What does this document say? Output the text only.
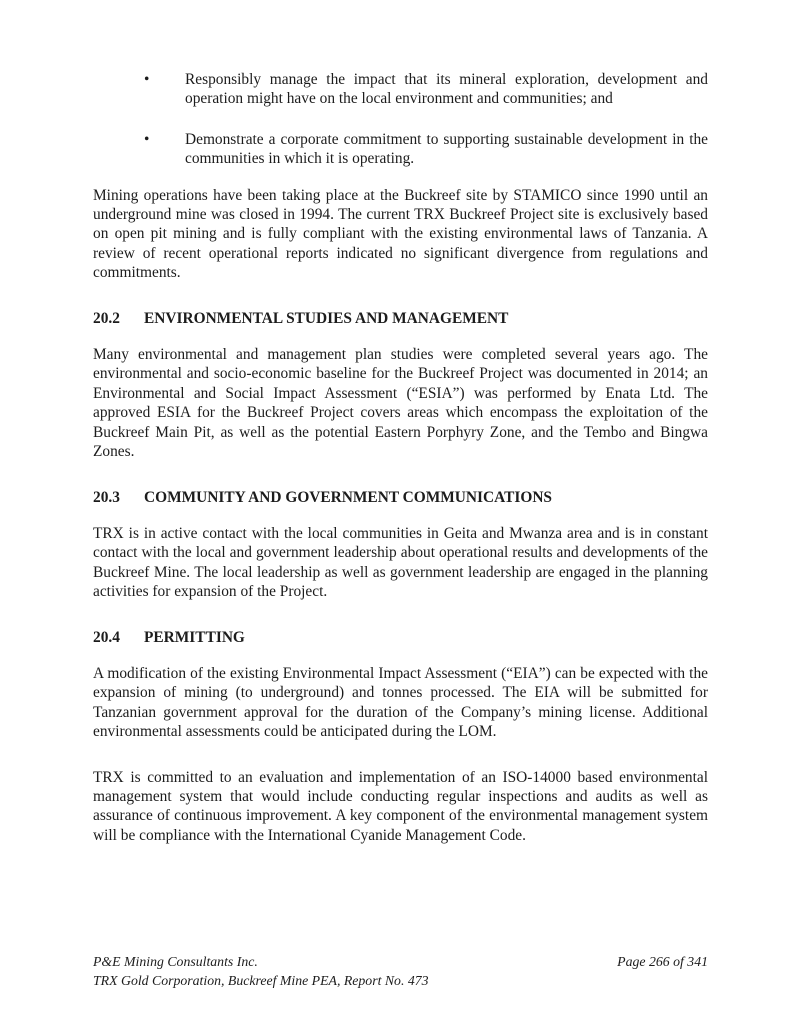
•	Responsibly manage the impact that its mineral exploration, development and operation might have on the local environment and communities; and
•	Demonstrate a corporate commitment to supporting sustainable development in the communities in which it is operating.

Mining operations have been taking place at the Buckreef site by STAMICO since 1990 until an underground mine was closed in 1994. The current TRX Buckreef Project site is exclusively based on open pit mining and is fully compliant with the existing environmental laws of Tanzania. A review of recent operational reports indicated no significant divergence from regulations and commitments.

20.2	ENVIRONMENTAL STUDIES AND MANAGEMENT

Many environmental and management plan studies were completed several years ago. The environmental and socio-economic baseline for the Buckreef Project was documented in 2014; an Environmental and Social Impact Assessment (“ESIA”) was performed by Enata Ltd. The approved ESIA for the Buckreef Project covers areas which encompass the exploitation of the Buckreef Main Pit, as well as the potential Eastern Porphyry Zone, and the Tembo and Bingwa Zones.

20.3	COMMUNITY AND GOVERNMENT COMMUNICATIONS

TRX is in active contact with the local communities in Geita and Mwanza area and is in constant contact with the local and government leadership about operational results and developments of the Buckreef Mine. The local leadership as well as government leadership are engaged in the planning activities for expansion of the Project.

20.4	PERMITTING

A modification of the existing Environmental Impact Assessment (“EIA”) can be expected with the expansion of mining (to underground) and tonnes processed. The EIA will be submitted for Tanzanian government approval for the duration of the Company’s mining license. Additional environmental assessments could be anticipated during the LOM.

TRX is committed to an evaluation and implementation of an ISO-14000 based environmental management system that would include conducting regular inspections and audits as well as assurance of continuous improvement. A key component of the environmental management system will be compliance with the International Cyanide Management Code.

P&E Mining Consultants Inc.	Page 266 of 341
TRX Gold Corporation, Buckreef Mine PEA, Report No. 473
